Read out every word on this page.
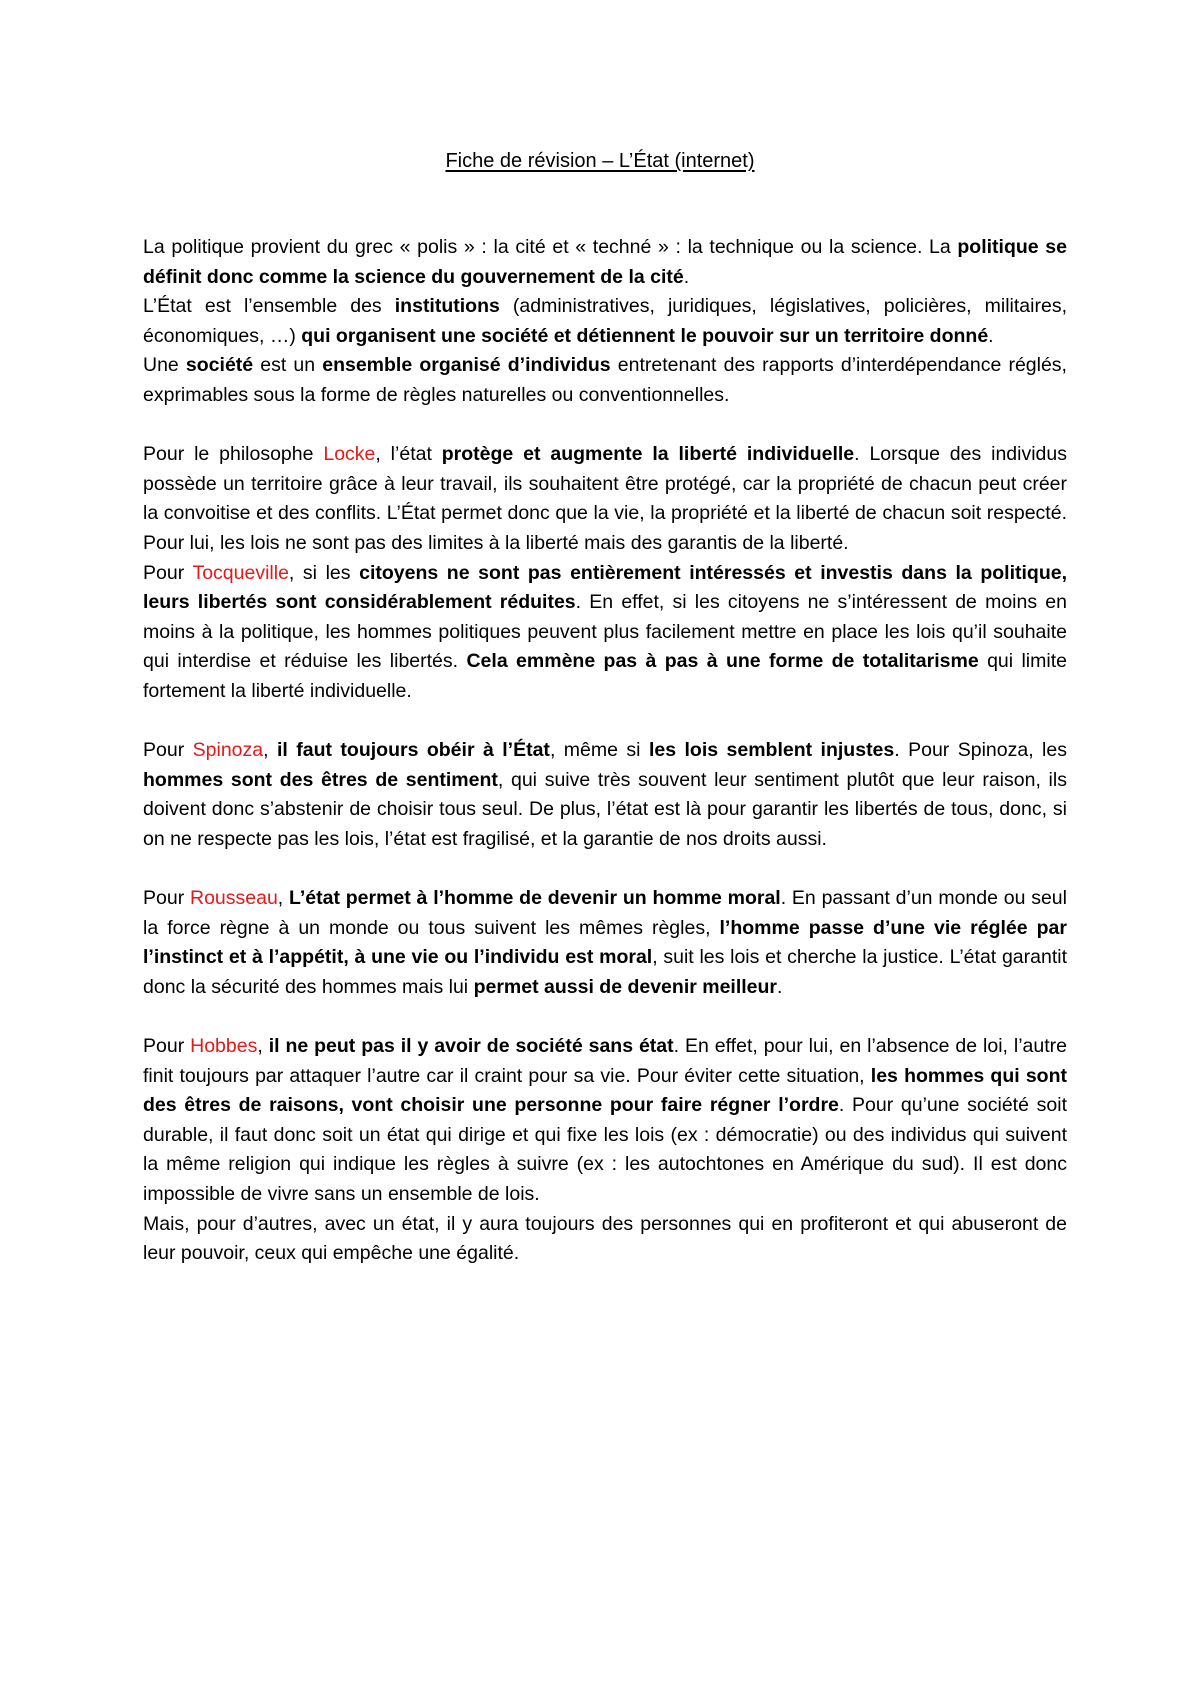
Fiche de révision – L’État (internet)

La politique provient du grec « polis » : la cité et « techné » : la technique ou la science. La politique se définit donc comme la science du gouvernement de la cité.

L’État est l’ensemble des institutions (administratives, juridiques, législatives, policières, militaires, économiques, …) qui organisent une société et détiennent le pouvoir sur un territoire donné.

Une société est un ensemble organisé d’individus entretenant des rapports d’interdépendance réglés, exprimables sous la forme de règles naturelles ou conventionnelles.

Pour le philosophe Locke, l’état protège et augmente la liberté individuelle. Lorsque des individus possède un territoire grâce à leur travail, ils souhaitent être protégé, car la propriété de chacun peut créer la convoitise et des conflits. L’État permet donc que la vie, la propriété et la liberté de chacun soit respecté. Pour lui, les lois ne sont pas des limites à la liberté mais des garantis de la liberté.

Pour Tocqueville, si les citoyens ne sont pas entièrement intéressés et investis dans la politique, leurs libertés sont considérablement réduites. En effet, si les citoyens ne s’intéressent de moins en moins à la politique, les hommes politiques peuvent plus facilement mettre en place les lois qu’il souhaite qui interdise et réduise les libertés. Cela emmène pas à pas à une forme de totalitarisme qui limite fortement la liberté individuelle.

Pour Spinoza, il faut toujours obéir à l’État, même si les lois semblent injustes. Pour Spinoza, les hommes sont des êtres de sentiment, qui suive très souvent leur sentiment plutôt que leur raison, ils doivent donc s’abstenir de choisir tous seul. De plus, l’état est là pour garantir les libertés de tous, donc, si on ne respecte pas les lois, l’état est fragilisé, et la garantie de nos droits aussi.

Pour Rousseau, L’état permet à l’homme de devenir un homme moral. En passant d’un monde ou seul la force règne à un monde ou tous suivent les mêmes règles, l’homme passe d’une vie réglée par l’instinct et à l’appétit, à une vie ou l’individu est moral, suit les lois et cherche la justice. L’état garantit donc la sécurité des hommes mais lui permet aussi de devenir meilleur.

Pour Hobbes, il ne peut pas il y avoir de société sans état. En effet, pour lui, en l’absence de loi, l’autre finit toujours par attaquer l’autre car il craint pour sa vie. Pour éviter cette situation, les hommes qui sont des êtres de raisons, vont choisir une personne pour faire régner l’ordre. Pour qu’une société soit durable, il faut donc soit un état qui dirige et qui fixe les lois (ex : démocratie) ou des individus qui suivent la même religion qui indique les règles à suivre (ex : les autochtones en Amérique du sud). Il est donc impossible de vivre sans un ensemble de lois.

Mais, pour d’autres, avec un état, il y aura toujours des personnes qui en profiteront et qui abuseront de leur pouvoir, ceux qui empêche une égalité.
